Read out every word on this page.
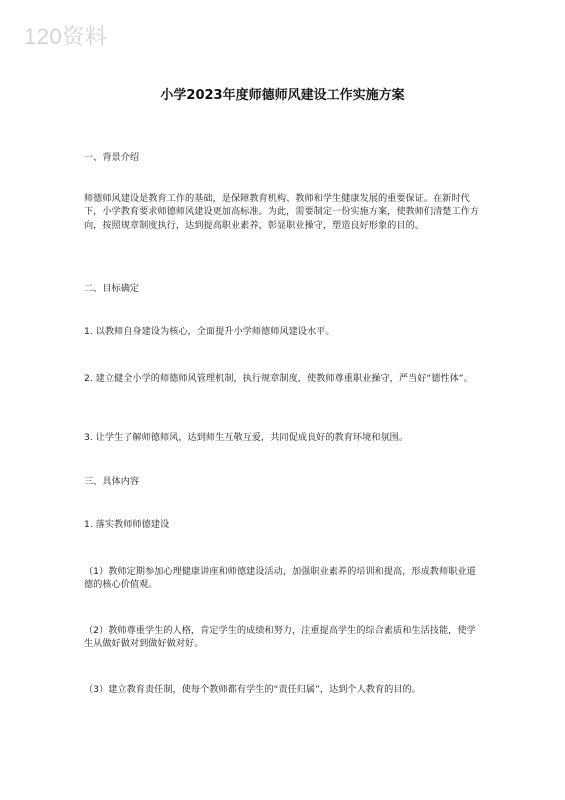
120资料
小学2023年度师德师风建设工作实施方案
一、背景介绍
师德师风建设是教育工作的基础，是保障教育机构、教师和学生健康发展的重要保证。在新时代下，小学教育要求师德师风建设更加高标准。为此，需要制定一份实施方案，使教师们清楚工作方向，按照规章制度执行，达到提高职业素养，彰显职业操守，塑造良好形象的目的。
二、目标确定
1. 以教师自身建设为核心，全面提升小学师德师风建设水平。
2. 建立健全小学的师德师风管理机制，执行规章制度，使教师尊重职业操守，严当好“德性体”。
3. 让学生了解师德师风，达到师生互敬互爱，共同促成良好的教育环境和氛围。
三、具体内容
1. 落实教师师德建设
（1）教师定期参加心理健康讲座和师德建设活动，加强职业素养的培训和提高，形成教师职业道德的核心价值观。
（2）教师尊重学生的人格，肯定学生的成绩和努力，注重提高学生的综合素质和生活技能，使学生从做好做对到做好做对好。
（3）建立教育责任制，使每个教师都有学生的“责任归属”，达到个人教育的目的。
